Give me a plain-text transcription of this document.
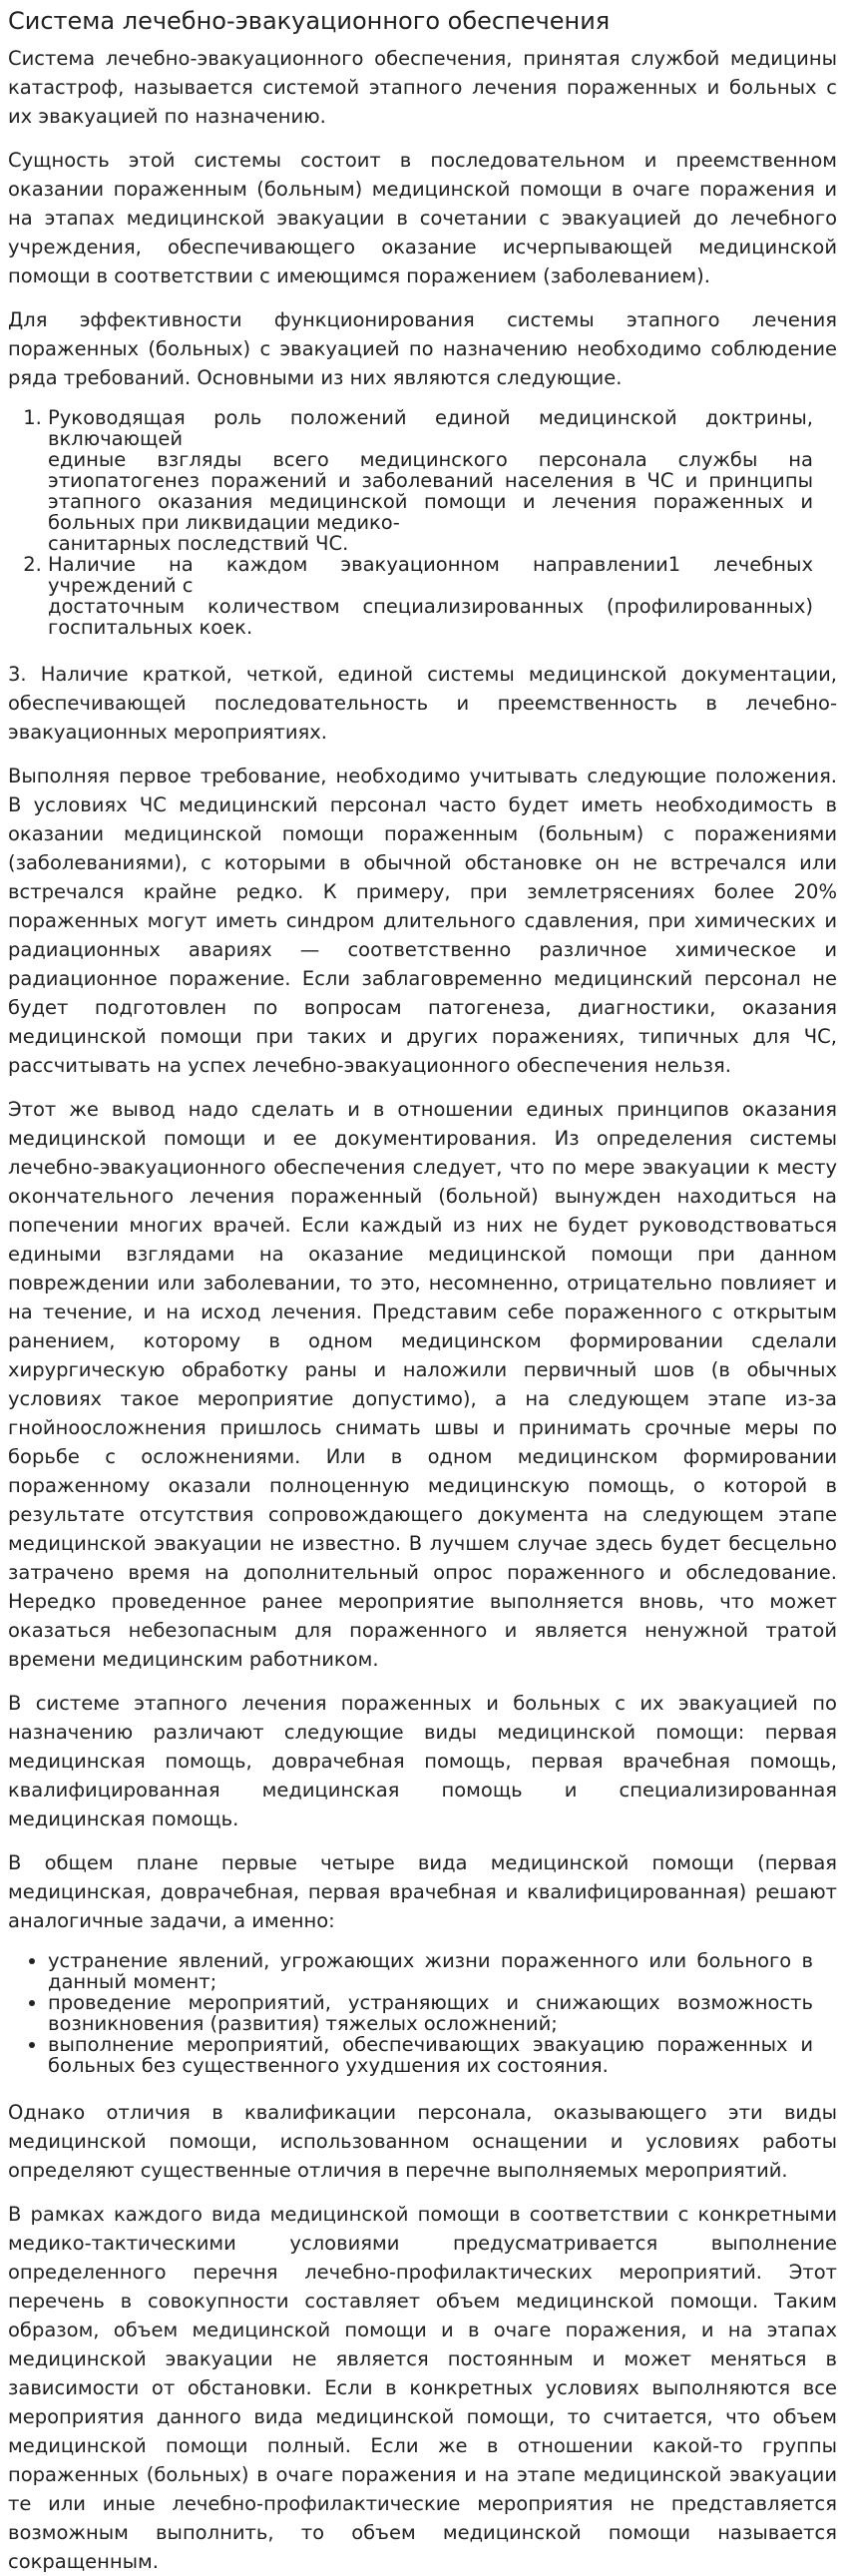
Система лечебно-эвакуационного обеспечения

Система лечебно-эвакуационного обеспечения, принятая службой медицины катастроф, называется системой этапного лечения пораженных и больных с их эвакуацией по назначению.

Сущность этой системы состоит в последовательном и преемственном оказании пораженным (больным) медицинской помощи в очаге поражения и на этапах медицинской эвакуации в сочетании с эвакуацией до лечебного учреждения, обеспечивающего оказание исчерпывающей медицинской помощи в соответствии с имеющимся поражением (заболеванием).

Для эффективности функционирования системы этапного лечения пораженных (больных) с эвакуацией по назначению необходимо соблюдение ряда требований. Основными из них являются следующие.

1. Руководящая роль положений единой медицинской доктрины, включающей
единые взгляды всего медицинского персонала службы на этиопатогенез поражений и заболеваний населения в ЧС и принципы этапного оказания медицинской помощи и лечения пораженных и больных при ликвидации медико-
санитарных последствий ЧС.
2. Наличие на каждом эвакуационном направлении1 лечебных учреждений с
достаточным количеством специализированных (профилированных) госпитальных коек.

3. Наличие краткой, четкой, единой системы медицинской документации, обеспечивающей последовательность и преемственность в лечебно-эвакуационных мероприятиях.

Выполняя первое требование, необходимо учитывать следующие положения. В условиях ЧС медицинский персонал часто будет иметь необходимость в оказании медицинской помощи пораженным (больным) с поражениями (заболеваниями), с которыми в обычной обстановке он не встречался или встречался крайне редко. К примеру, при землетрясениях более 20% пораженных могут иметь синдром длительного сдавления, при химических и радиационных авариях — соответственно различное химическое и радиационное поражение. Если заблаговременно медицинский персонал не будет подготовлен по вопросам патогенеза, диагностики, оказания медицинской помощи при таких и других поражениях, типичных для ЧС, рассчитывать на успех лечебно-эвакуационного обеспечения нельзя.

Этот же вывод надо сделать и в отношении единых принципов оказания медицинской помощи и ее документирования. Из определения системы лечебно-эвакуационного обеспечения следует, что по мере эвакуации к месту окончательного лечения пораженный (больной) вынужден находиться на попечении многих врачей. Если каждый из них не будет руководствоваться едиными взглядами на оказание медицинской помощи при данном повреждении или заболевании, то это, несомненно, отрицательно повлияет и на течение, и на исход лечения. Представим себе пораженного с открытым ранением, которому в одном медицинском формировании сделали хирургическую обработку раны и наложили первичный шов (в обычных условиях такое мероприятие допустимо), а на следующем этапе из-за гнойноосложнения пришлось снимать швы и принимать срочные меры по борьбе с осложнениями. Или в одном медицинском формировании пораженному оказали полноценную медицинскую помощь, о которой в результате отсутствия сопровождающего документа на следующем этапе медицинской эвакуации не известно. В лучшем случае здесь будет бесцельно затрачено время на дополнительный опрос пораженного и обследование. Нередко проведенное ранее мероприятие выполняется вновь, что может оказаться небезопасным для пораженного и является ненужной тратой времени медицинским работником.

В системе этапного лечения пораженных и больных с их эвакуацией по назначению различают следующие виды медицинской помощи: первая медицинская помощь, доврачебная помощь, первая врачебная помощь, квалифицированная медицинская помощь и специализированная медицинская помощь.

В общем плане первые четыре вида медицинской помощи (первая медицинская, доврачебная, первая врачебная и квалифицированная) решают аналогичные задачи, а именно:

• устранение явлений, угрожающих жизни пораженного или больного в данный момент;
• проведение мероприятий, устраняющих и снижающих возможность возникновения (развития) тяжелых осложнений;
• выполнение мероприятий, обеспечивающих эвакуацию пораженных и больных без существенного ухудшения их состояния.

Однако отличия в квалификации персонала, оказывающего эти виды медицинской помощи, использованном оснащении и условиях работы определяют существенные отличия в перечне выполняемых мероприятий.

В рамках каждого вида медицинской помощи в соответствии с конкретными медико-тактическими условиями предусматривается выполнение определенного перечня лечебно-профилактических мероприятий. Этот перечень в совокупности составляет объем медицинской помощи. Таким образом, объем медицинской помощи и в очаге поражения, и на этапах медицинской эвакуации не является постоянным и может меняться в зависимости от обстановки. Если в конкретных условиях выполняются все мероприятия данного вида медицинской помощи, то считается, что объем медицинской помощи полный. Если же в отношении какой-то группы пораженных (больных) в очаге поражения и на этапе медицинской эвакуации те или иные лечебно-профилактические мероприятия не представляется возможным выполнить, то объем медицинской помощи называется сокращенным.
